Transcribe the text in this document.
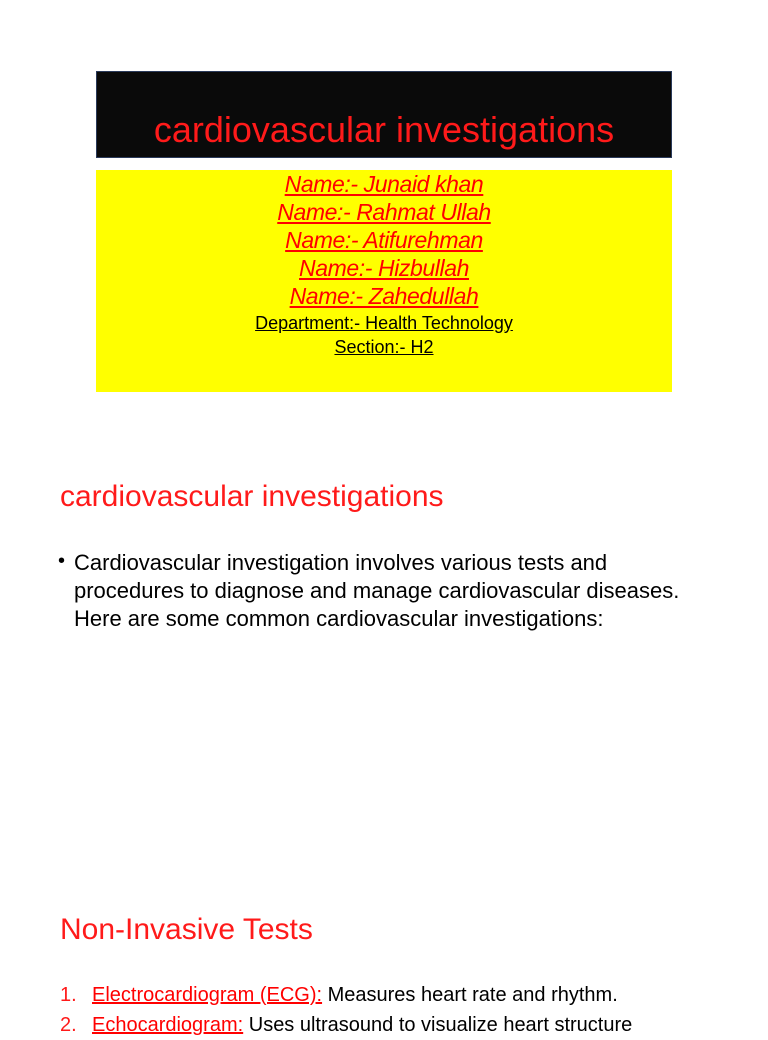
cardiovascular investigations
Name:- Junaid khan
Name:- Rahmat Ullah
Name:- Atifurehman
Name:- Hizbullah
Name:- Zahedullah
Department:- Health Technology
Section:- H2
cardiovascular investigations
• Cardiovascular investigation involves various tests and procedures to diagnose and manage cardiovascular diseases. Here are some common cardiovascular investigations:
Non-Invasive Tests
1. Electrocardiogram (ECG): Measures heart rate and rhythm.
2. Echocardiogram: Uses ultrasound to visualize heart structure
